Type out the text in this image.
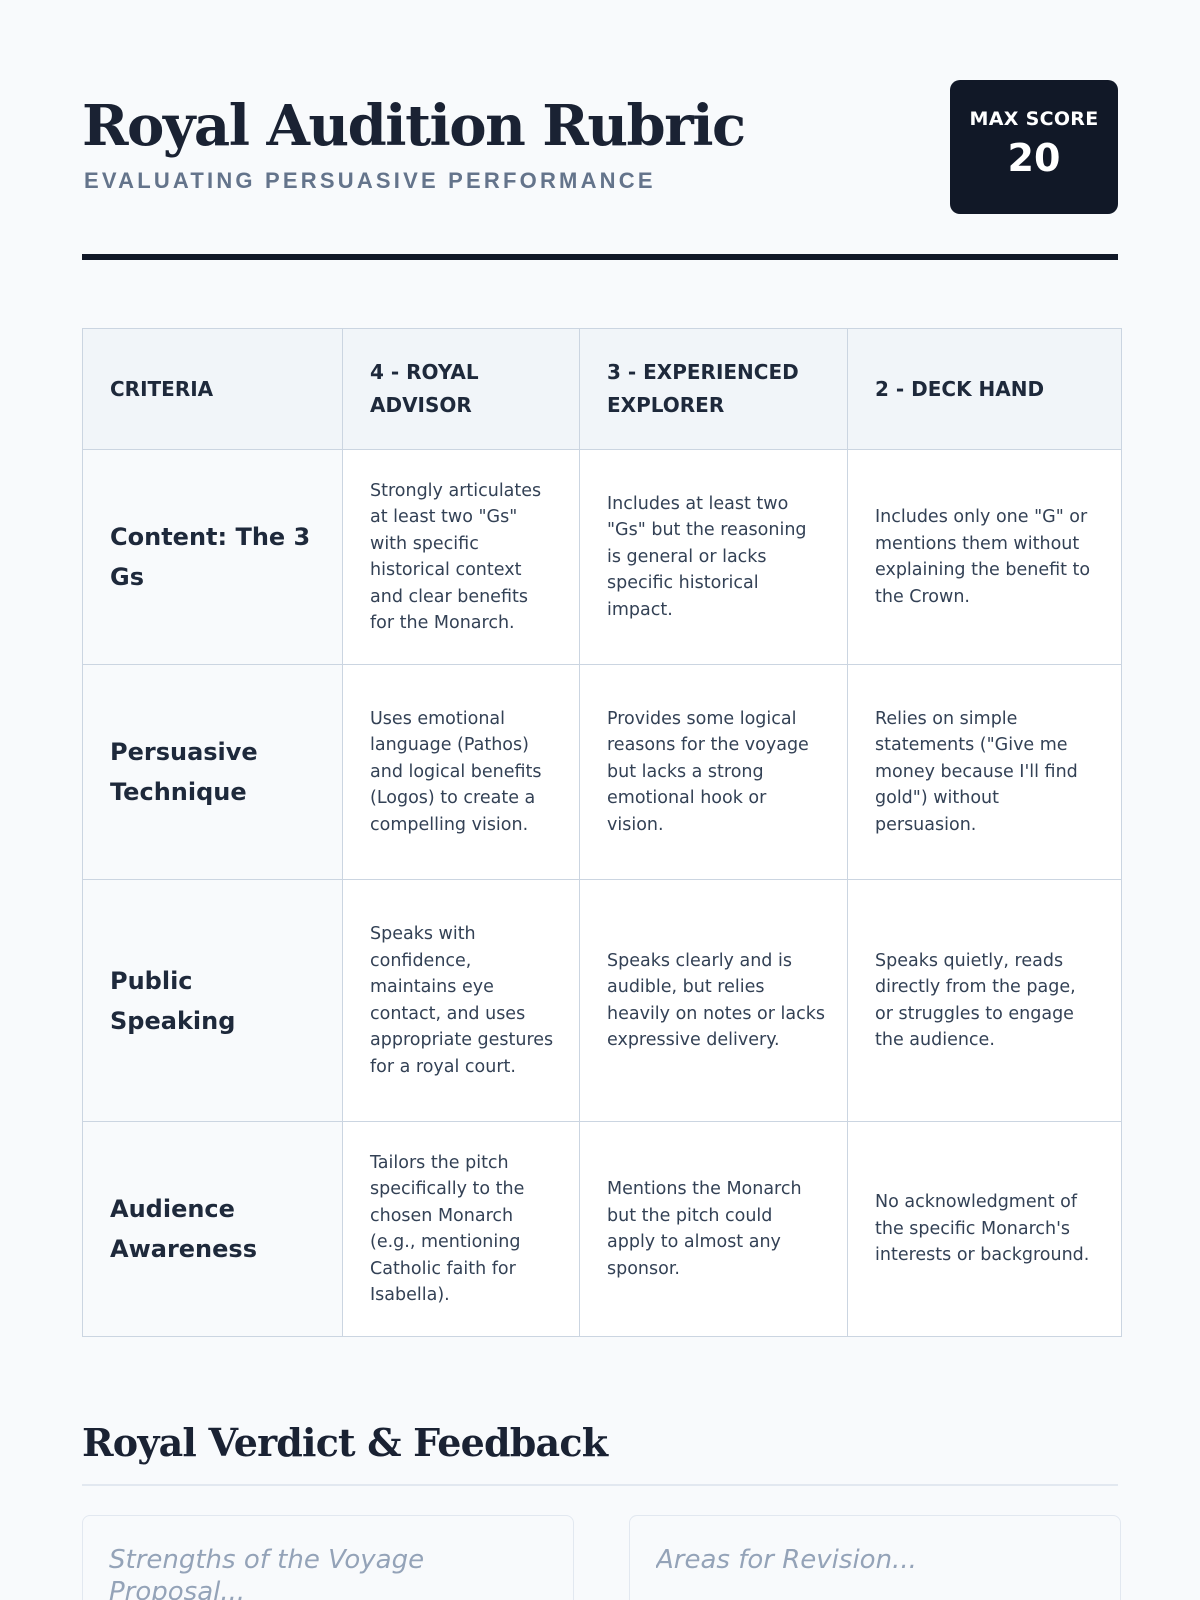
Royal Audition Rubric
EVALUATING PERSUASIVE PERFORMANCE
MAX SCORE
20
CRITERIA	4 - ROYAL ADVISOR	3 - EXPERIENCED EXPLORER	2 - DECK HAND
Content: The 3 Gs	Strongly articulates at least two "Gs" with specific historical context and clear benefits for the Monarch.	Includes at least two "Gs" but the reasoning is general or lacks specific historical impact.	Includes only one "G" or mentions them without explaining the benefit to the Crown.
Persuasive Technique	Uses emotional language (Pathos) and logical benefits (Logos) to create a compelling vision.	Provides some logical reasons for the voyage but lacks a strong emotional hook or vision.	Relies on simple statements ("Give me money because I'll find gold") without persuasion.
Public Speaking	Speaks with confidence, maintains eye contact, and uses appropriate gestures for a royal court.	Speaks clearly and is audible, but relies heavily on notes or lacks expressive delivery.	Speaks quietly, reads directly from the page, or struggles to engage the audience.
Audience Awareness	Tailors the pitch specifically to the chosen Monarch (e.g., mentioning Catholic faith for Isabella).	Mentions the Monarch but the pitch could apply to almost any sponsor.	No acknowledgment of the specific Monarch's interests or background.
Royal Verdict & Feedback
Strengths of the Voyage Proposal...
Areas for Revision...
